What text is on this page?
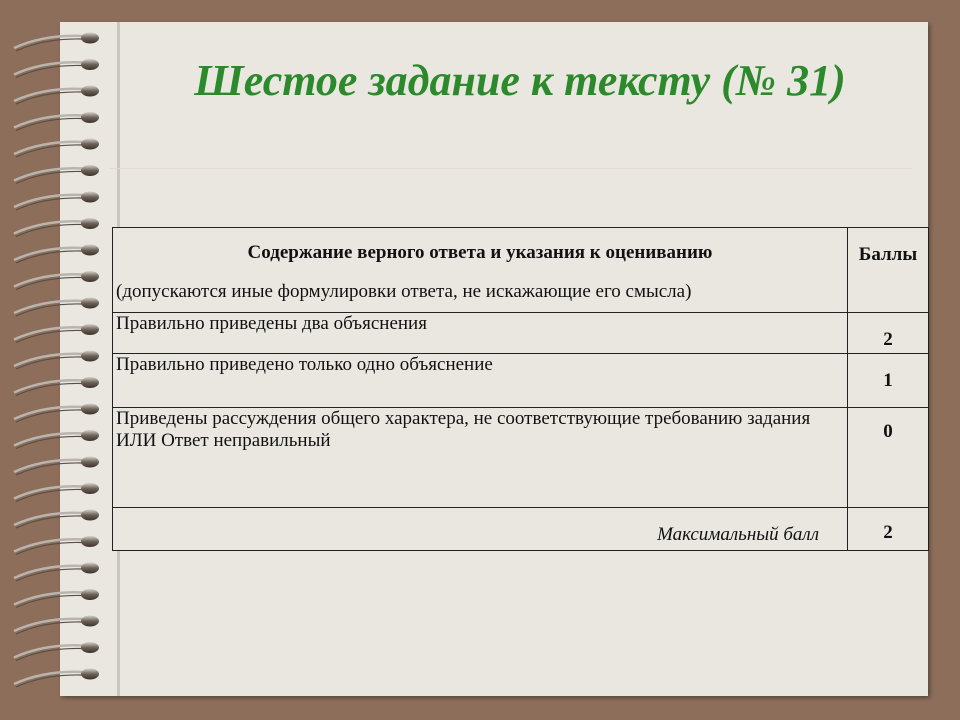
Шестое задание к тексту (№ 31)
Содержание верного ответа и указания к оцениванию
(допускаются иные формулировки ответа, не искажающие его смысла)	Баллы
Правильно приведены два объяснения	2

Правильно приведено только одно объяснение	1

Приведены рассуждения общего характера, не соответствующие требованию задания
ИЛИ Ответ неправильный	0

Максимальный балл	2
